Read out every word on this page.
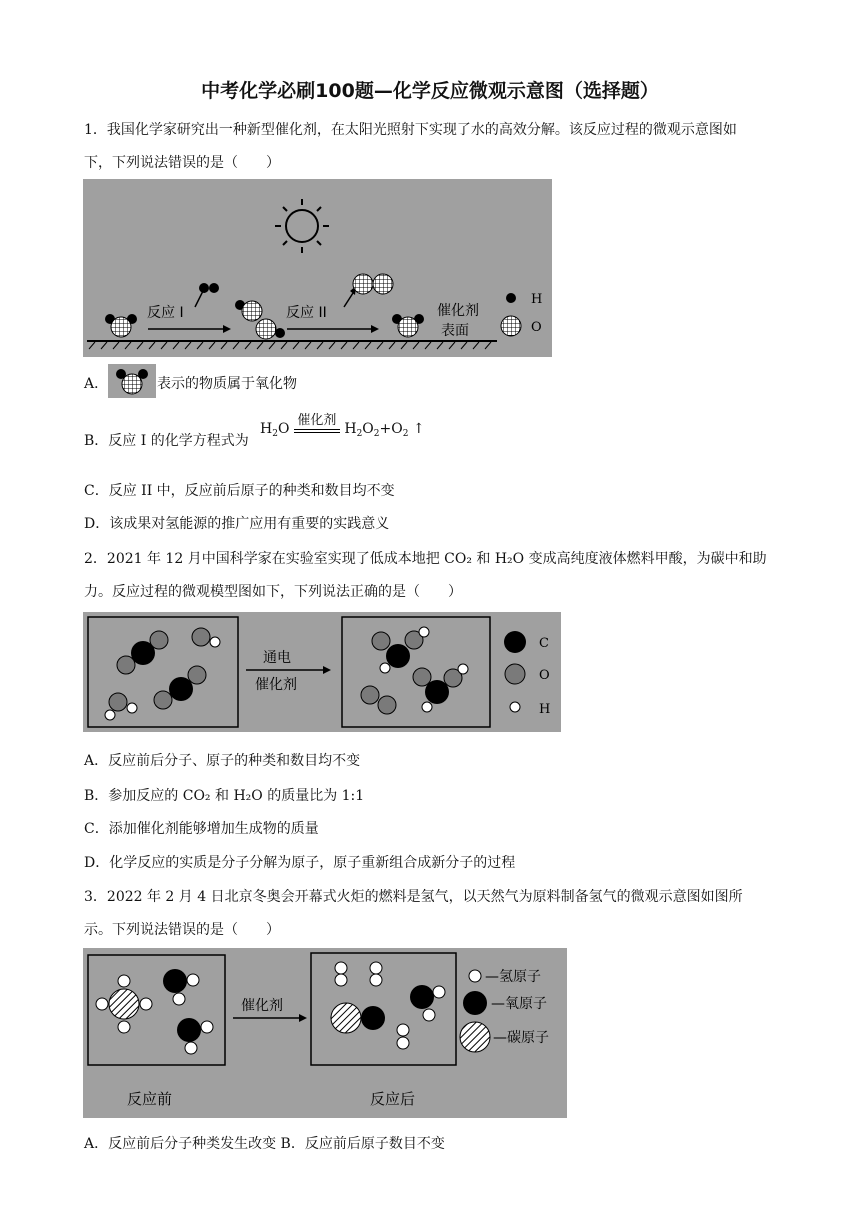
中考化学必刷100题—化学反应微观示意图（选择题）
1．我国化学家研究出一种新型催化剂，在太阳光照射下实现了水的高效分解。该反应过程的微观示意图如
下，下列说法错误的是（　　）
反应 I	反应 II	催化剂
表面
H
O
A．	表示的物质属于氧化物
B．反应 I 的化学方程式为
$H_2O$
催化剂
$H_2O_2+O_2$ ↑
C．反应 II 中，反应前后原子的种类和数目均不变
D．该成果对氢能源的推广应用有重要的实践意义
2．2021 年 12 月中国科学家在实验室实现了低成本地把 CO₂ 和 H₂O 变成高纯度液体燃料甲酸，为碳中和助
力。反应过程的微观模型图如下，下列说法正确的是（　　）
通电
催化剂
C
O
H
A．反应前后分子、原子的种类和数目均不变
B．参加反应的 CO₂ 和 H₂O 的质量比为 1:1
C．添加催化剂能够增加生成物的质量
D．化学反应的实质是分子分解为原子，原子重新组合成新分子的过程
3．2022 年 2 月 4 日北京冬奥会开幕式火炬的燃料是氢气，以天然气为原料制备氢气的微观示意图如图所
示。下列说法错误的是（　　）
催化剂
反应前	反应后
—氢原子
—氧原子
—碳原子
A．反应前后分子种类发生改变 B．反应前后原子数目不变
